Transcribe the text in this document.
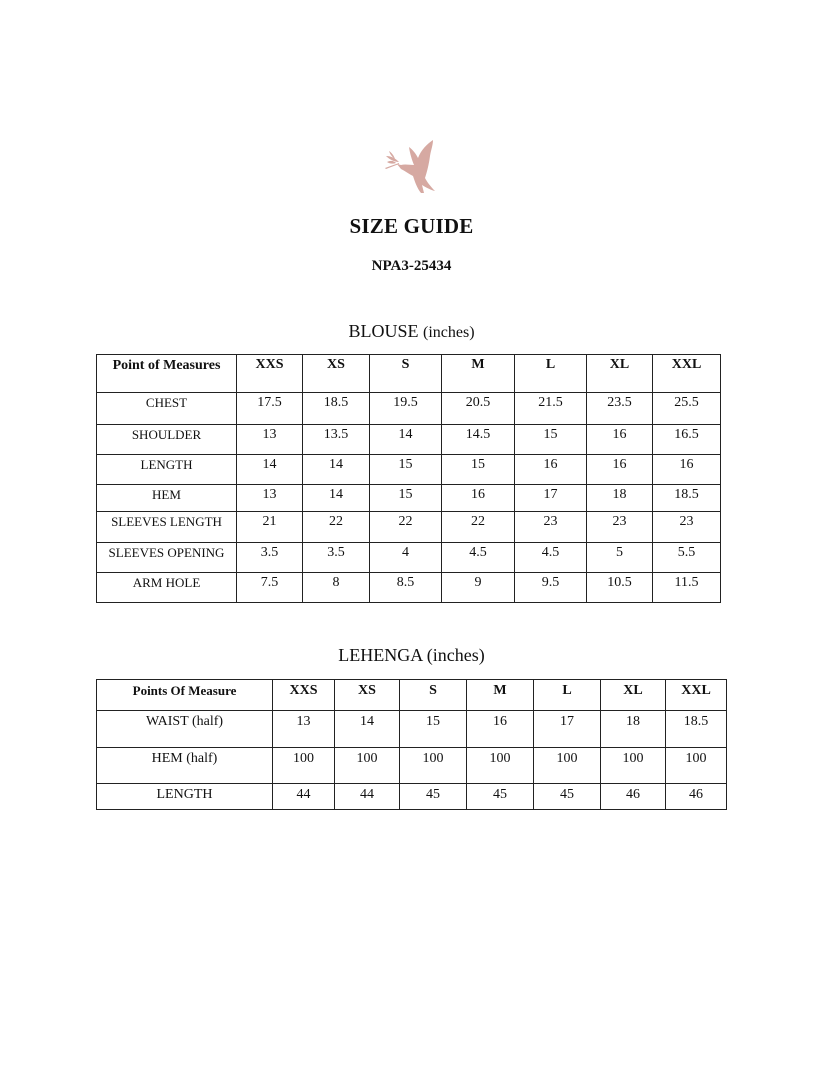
SIZE GUIDE
NPA3-25434
BLOUSE (inches)
Point of Measures	XXS	XS	S	M	L	XL	XXL
CHEST	17.5	18.5	19.5	20.5	21.5	23.5	25.5
SHOULDER	13	13.5	14	14.5	15	16	16.5
LENGTH	14	14	15	15	16	16	16
HEM	13	14	15	16	17	18	18.5
SLEEVES LENGTH	21	22	22	22	23	23	23
SLEEVES OPENING	3.5	3.5	4	4.5	4.5	5	5.5
ARM HOLE	7.5	8	8.5	9	9.5	10.5	11.5
LEHENGA (inches)
Points Of Measure	XXS	XS	S	M	L	XL	XXL
WAIST (half)	13	14	15	16	17	18	18.5
HEM (half)	100	100	100	100	100	100	100
LENGTH	44	44	45	45	45	46	46
